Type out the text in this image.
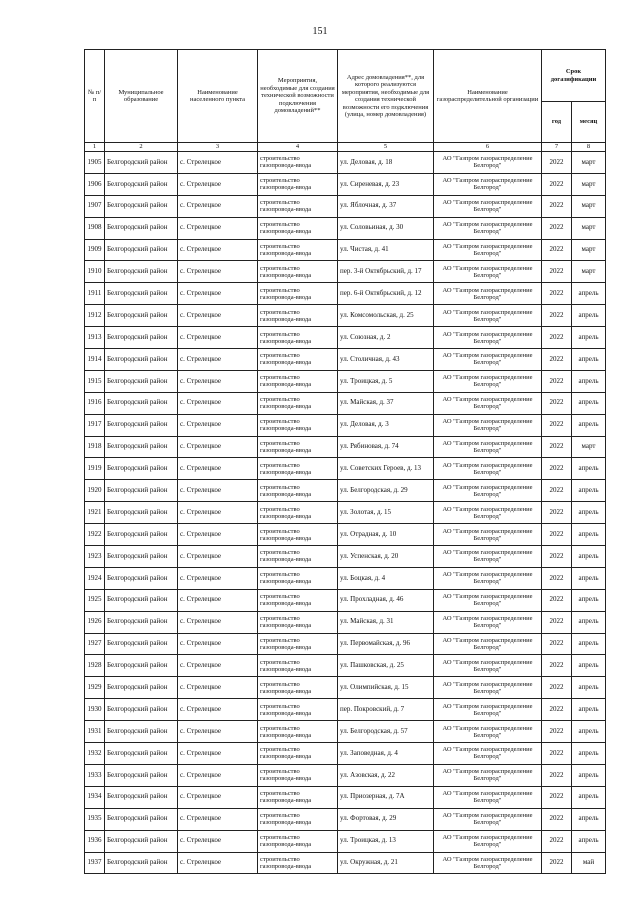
151
№ п/п	Муниципальное образование	Наименование населенного пункта	Мероприятия, необходимые для создания технической возможности подключения домовладений**	Адрес домовладения**, для которого реализуются мероприятия, необходимые для создания технической возможности его подключения (улица, номер домовладения)	Наименование газораспределительной организации	Срок догазификации	
						год	месяц
1	2	3	4	5	6	7	8
1905	Белгородский район	с. Стрелецкое	строительство газопровода-ввода	ул. Деловая, д. 18	АО "Газпром газораспределение Белгород"	2022	март
1906	Белгородский район	с. Стрелецкое	строительство газопровода-ввода	ул. Сиреневая, д. 23	АО "Газпром газораспределение Белгород"	2022	март
1907	Белгородский район	с. Стрелецкое	строительство газопровода-ввода	ул. Яблочная, д. 37	АО "Газпром газораспределение Белгород"	2022	март
1908	Белгородский район	с. Стрелецкое	строительство газопровода-ввода	ул. Соловьиная, д. 30	АО "Газпром газораспределение Белгород"	2022	март
1909	Белгородский район	с. Стрелецкое	строительство газопровода-ввода	ул. Чистая, д. 41	АО "Газпром газораспределение Белгород"	2022	март
1910	Белгородский район	с. Стрелецкое	строительство газопровода-ввода	пер. 3-й Октябрьский, д. 17	АО "Газпром газораспределение Белгород"	2022	март
1911	Белгородский район	с. Стрелецкое	строительство газопровода-ввода	пер. 6-й Октябрьский, д. 12	АО "Газпром газораспределение Белгород"	2022	апрель
1912	Белгородский район	с. Стрелецкое	строительство газопровода-ввода	ул. Комсомольская, д. 25	АО "Газпром газораспределение Белгород"	2022	апрель
1913	Белгородский район	с. Стрелецкое	строительство газопровода-ввода	ул. Союзная, д. 2	АО "Газпром газораспределение Белгород"	2022	апрель
1914	Белгородский район	с. Стрелецкое	строительство газопровода-ввода	ул. Столичная, д. 43	АО "Газпром газораспределение Белгород"	2022	апрель
1915	Белгородский район	с. Стрелецкое	строительство газопровода-ввода	ул. Троицкая, д. 5	АО "Газпром газораспределение Белгород"	2022	апрель
1916	Белгородский район	с. Стрелецкое	строительство газопровода-ввода	ул. Майская, д. 37	АО "Газпром газораспределение Белгород"	2022	апрель
1917	Белгородский район	с. Стрелецкое	строительство газопровода-ввода	ул. Деловая, д. 3	АО "Газпром газораспределение Белгород"	2022	апрель
1918	Белгородский район	с. Стрелецкое	строительство газопровода-ввода	ул. Рябиновая, д. 74	АО "Газпром газораспределение Белгород"	2022	март
1919	Белгородский район	с. Стрелецкое	строительство газопровода-ввода	ул. Советских Героев, д. 13	АО "Газпром газораспределение Белгород"	2022	апрель
1920	Белгородский район	с. Стрелецкое	строительство газопровода-ввода	ул. Белгородская, д. 29	АО "Газпром газораспределение Белгород"	2022	апрель
1921	Белгородский район	с. Стрелецкое	строительство газопровода-ввода	ул. Золотая, д. 15	АО "Газпром газораспределение Белгород"	2022	апрель
1922	Белгородский район	с. Стрелецкое	строительство газопровода-ввода	ул. Отрадная, д. 10	АО "Газпром газораспределение Белгород"	2022	апрель
1923	Белгородский район	с. Стрелецкое	строительство газопровода-ввода	ул. Успенская, д. 20	АО "Газпром газораспределение Белгород"	2022	апрель
1924	Белгородский район	с. Стрелецкое	строительство газопровода-ввода	ул. Боцкая, д. 4	АО "Газпром газораспределение Белгород"	2022	апрель
1925	Белгородский район	с. Стрелецкое	строительство газопровода-ввода	ул. Прохладная, д. 46	АО "Газпром газораспределение Белгород"	2022	апрель
1926	Белгородский район	с. Стрелецкое	строительство газопровода-ввода	ул. Майская, д. 31	АО "Газпром газораспределение Белгород"	2022	апрель
1927	Белгородский район	с. Стрелецкое	строительство газопровода-ввода	ул. Первомайская, д. 96	АО "Газпром газораспределение Белгород"	2022	апрель
1928	Белгородский район	с. Стрелецкое	строительство газопровода-ввода	ул. Пашковская, д. 25	АО "Газпром газораспределение Белгород"	2022	апрель
1929	Белгородский район	с. Стрелецкое	строительство газопровода-ввода	ул. Олимпийская, д. 15	АО "Газпром газораспределение Белгород"	2022	апрель
1930	Белгородский район	с. Стрелецкое	строительство газопровода-ввода	пер. Покровский, д. 7	АО "Газпром газораспределение Белгород"	2022	апрель
1931	Белгородский район	с. Стрелецкое	строительство газопровода-ввода	ул. Белгородская, д. 57	АО "Газпром газораспределение Белгород"	2022	апрель
1932	Белгородский район	с. Стрелецкое	строительство газопровода-ввода	ул. Заповедная, д. 4	АО "Газпром газораспределение Белгород"	2022	апрель
1933	Белгородский район	с. Стрелецкое	строительство газопровода-ввода	ул. Азовская, д. 22	АО "Газпром газораспределение Белгород"	2022	апрель
1934	Белгородский район	с. Стрелецкое	строительство газопровода-ввода	ул. Приозерная, д. 7А	АО "Газпром газораспределение Белгород"	2022	апрель
1935	Белгородский район	с. Стрелецкое	строительство газопровода-ввода	ул. Фортовая, д. 29	АО "Газпром газораспределение Белгород"	2022	апрель
1936	Белгородский район	с. Стрелецкое	строительство газопровода-ввода	ул. Троицкая, д. 13	АО "Газпром газораспределение Белгород"	2022	апрель
1937	Белгородский район	с. Стрелецкое	строительство газопровода-ввода	ул. Окружная, д. 21	АО "Газпром газораспределение Белгород"	2022	май
